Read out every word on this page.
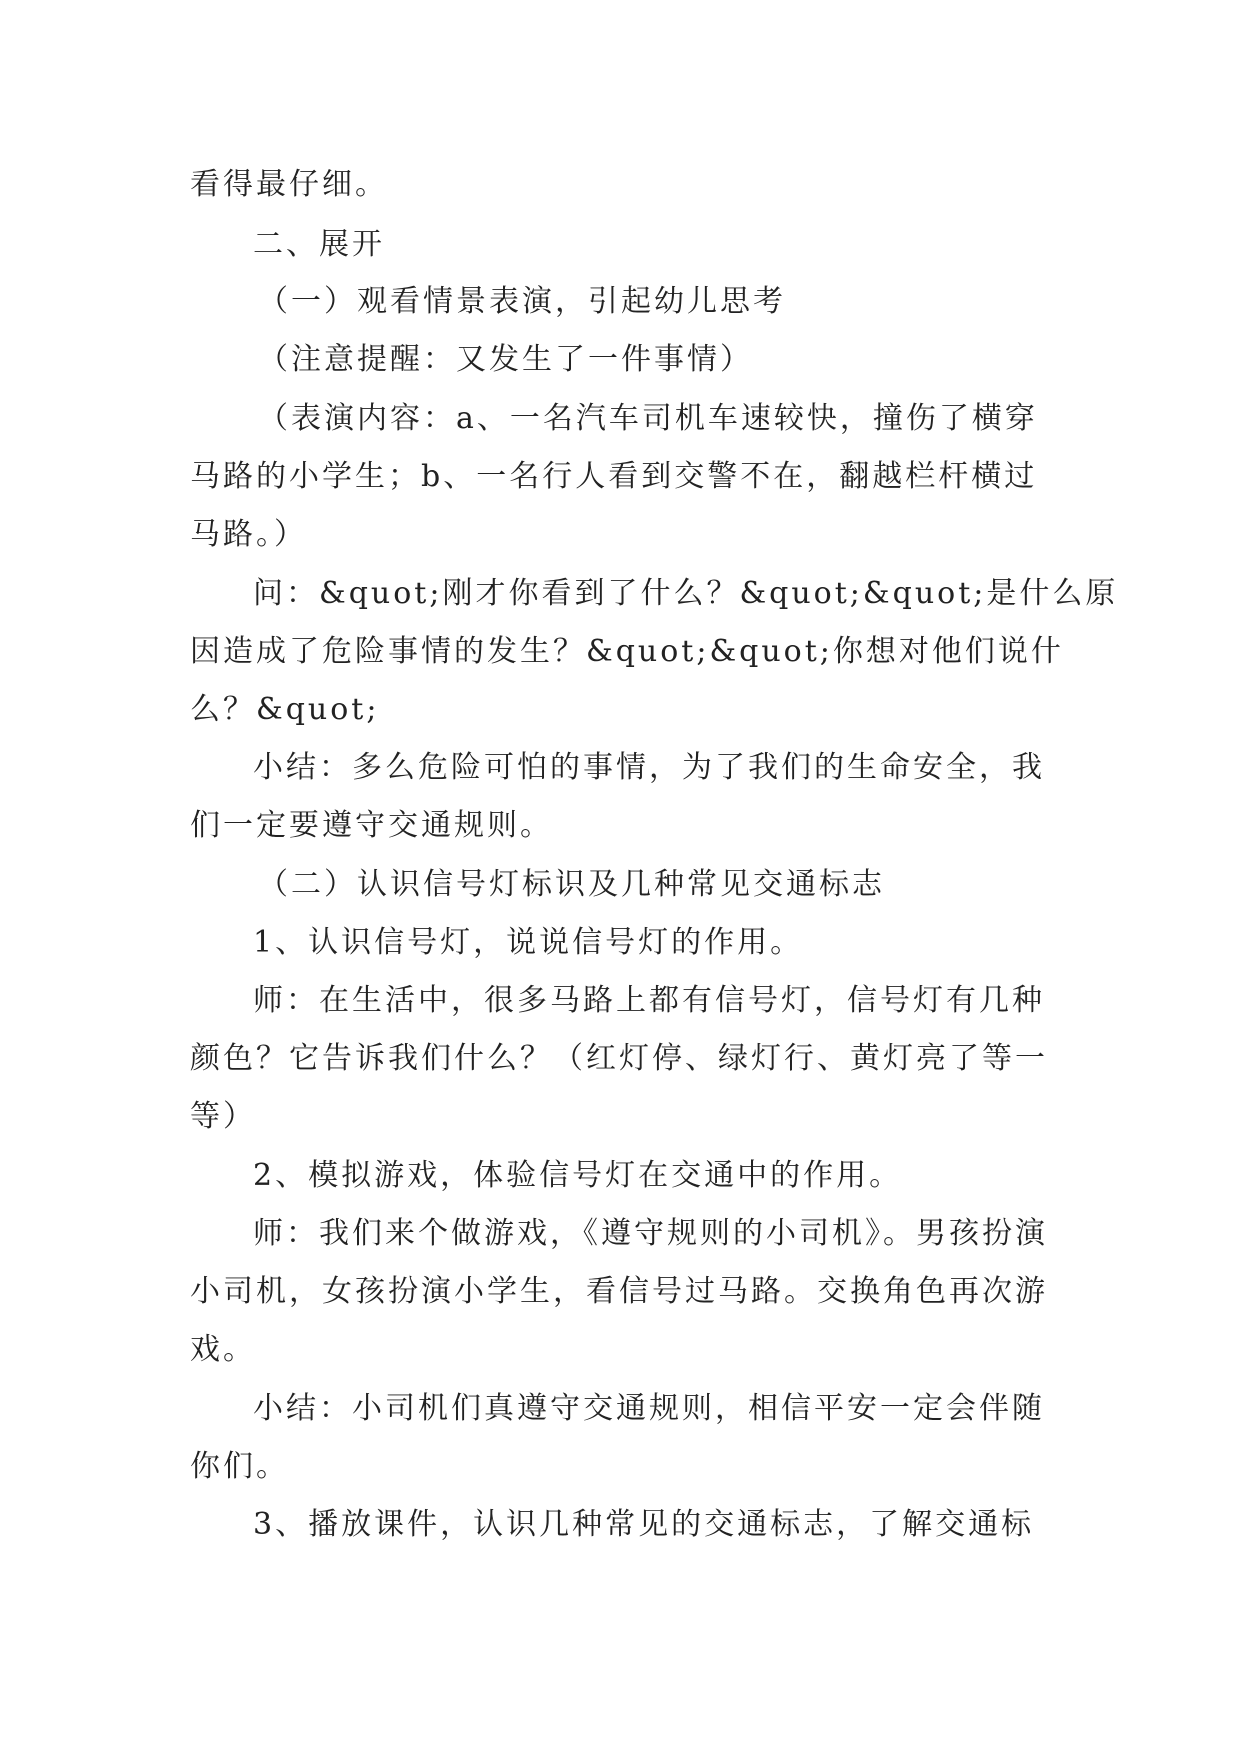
看得最仔细。

二、展开

（一）观看情景表演，引起幼儿思考

（注意提醒：又发生了一件事情）

（表演内容：a、一名汽车司机车速较快，撞伤了横穿

马路的小学生；b、一名行人看到交警不在，翻越栏杆横过

马路。）

问：&quot;刚才你看到了什么？&quot;&quot;是什么原

因造成了危险事情的发生？&quot;&quot;你想对他们说什

么？&quot;

小结：多么危险可怕的事情，为了我们的生命安全，我

们一定要遵守交通规则。

（二）认识信号灯标识及几种常见交通标志

1、认识信号灯，说说信号灯的作用。

师：在生活中，很多马路上都有信号灯，信号灯有几种

颜色？它告诉我们什么？（红灯停、绿灯行、黄灯亮了等一

等）

2、模拟游戏，体验信号灯在交通中的作用。

师：我们来个做游戏，《遵守规则的小司机》。男孩扮演

小司机，女孩扮演小学生，看信号过马路。交换角色再次游

戏。

小结：小司机们真遵守交通规则，相信平安一定会伴随

你们。

3、播放课件，认识几种常见的交通标志，了解交通标
